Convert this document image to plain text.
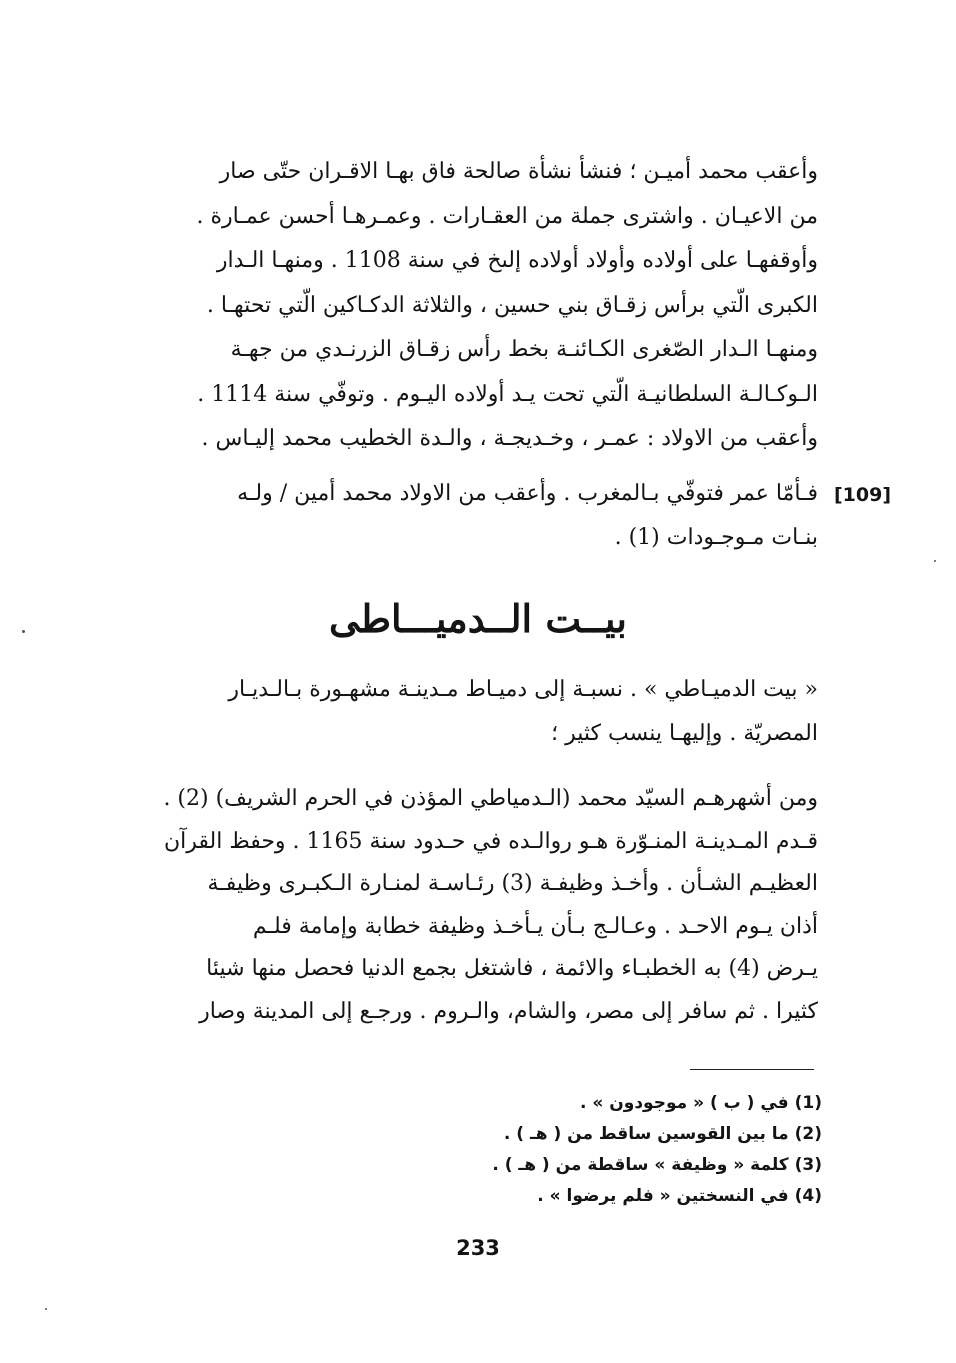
وأعقب محمد أميـن ؛ فنشأ نشأة صالحة فاق بهـا الاقـران حتّى صار
من الاعيـان . واشترى جملة من العقـارات . وعمـرهـا أحسن عمـارة .
وأوقفهـا على أولاده وأولاد أولاده إلىخ في سنة 1108 . ومنهـا الـدار
الكبرى الّتي برأس زقـاق بني حسين ، والثلاثة الدكـاكين الّتي تحتهـا .
ومنهـا الـدار الصّغرى الكـائنـة بخط رأس زقـاق الزرنـدي من جهـة
الـوكـالـة السلطانيـة الّتي تحت يـد أولاده اليـوم . وتوفّي سنة 1114 .
وأعقب من الاولاد : عمـر ، وخـديجـة ، والـدة الخطيب محمد إليـاس .
[109]
فـأمّا عمر فتوفّي بـالمغرب . وأعقب من الاولاد محمد أمين / ولـه
بنـات مـوجـودات (1) .
بيــت الــدميـــاطى
« بيت الدميـاطي » . نسبـة إلى دميـاط مـدينـة مشهـورة بـالـديـار
المصريّة . وإليهـا ينسب كثير ؛
ومن أشهرهـم السيّد محمد (الـدمياطي المؤذن في الحرم الشريف) (2) .
قـدم المـدينـة المنـوّرة هـو روالـده في حـدود سنة 1165 . وحفظ القرآن
العظيـم الشـأن . وأخـذ وظيفـة (3) رئـاسـة لمنـارة الـكبـرى وظيفـة
أذان يـوم الاحـد . وعـالـج بـأن يـأخـذ وظيفة خطابة وإمامة فلـم
يـرض (4) به الخطبـاء والائمة ، فاشتغل بجمع الدنيا فحصل منها شيئا
كثيرا . ثم سافر إلى مصر، والشام، والـروم . ورجـع إلى المدينة وصار
(1) في ( ب ) « موجودون » .
(2) ما بين القوسين ساقط من ( هـ ) .
(3) كلمة « وظيفة » ساقطة من ( هـ ) .
(4) في النسختين « فلم يرضوا » .
233
